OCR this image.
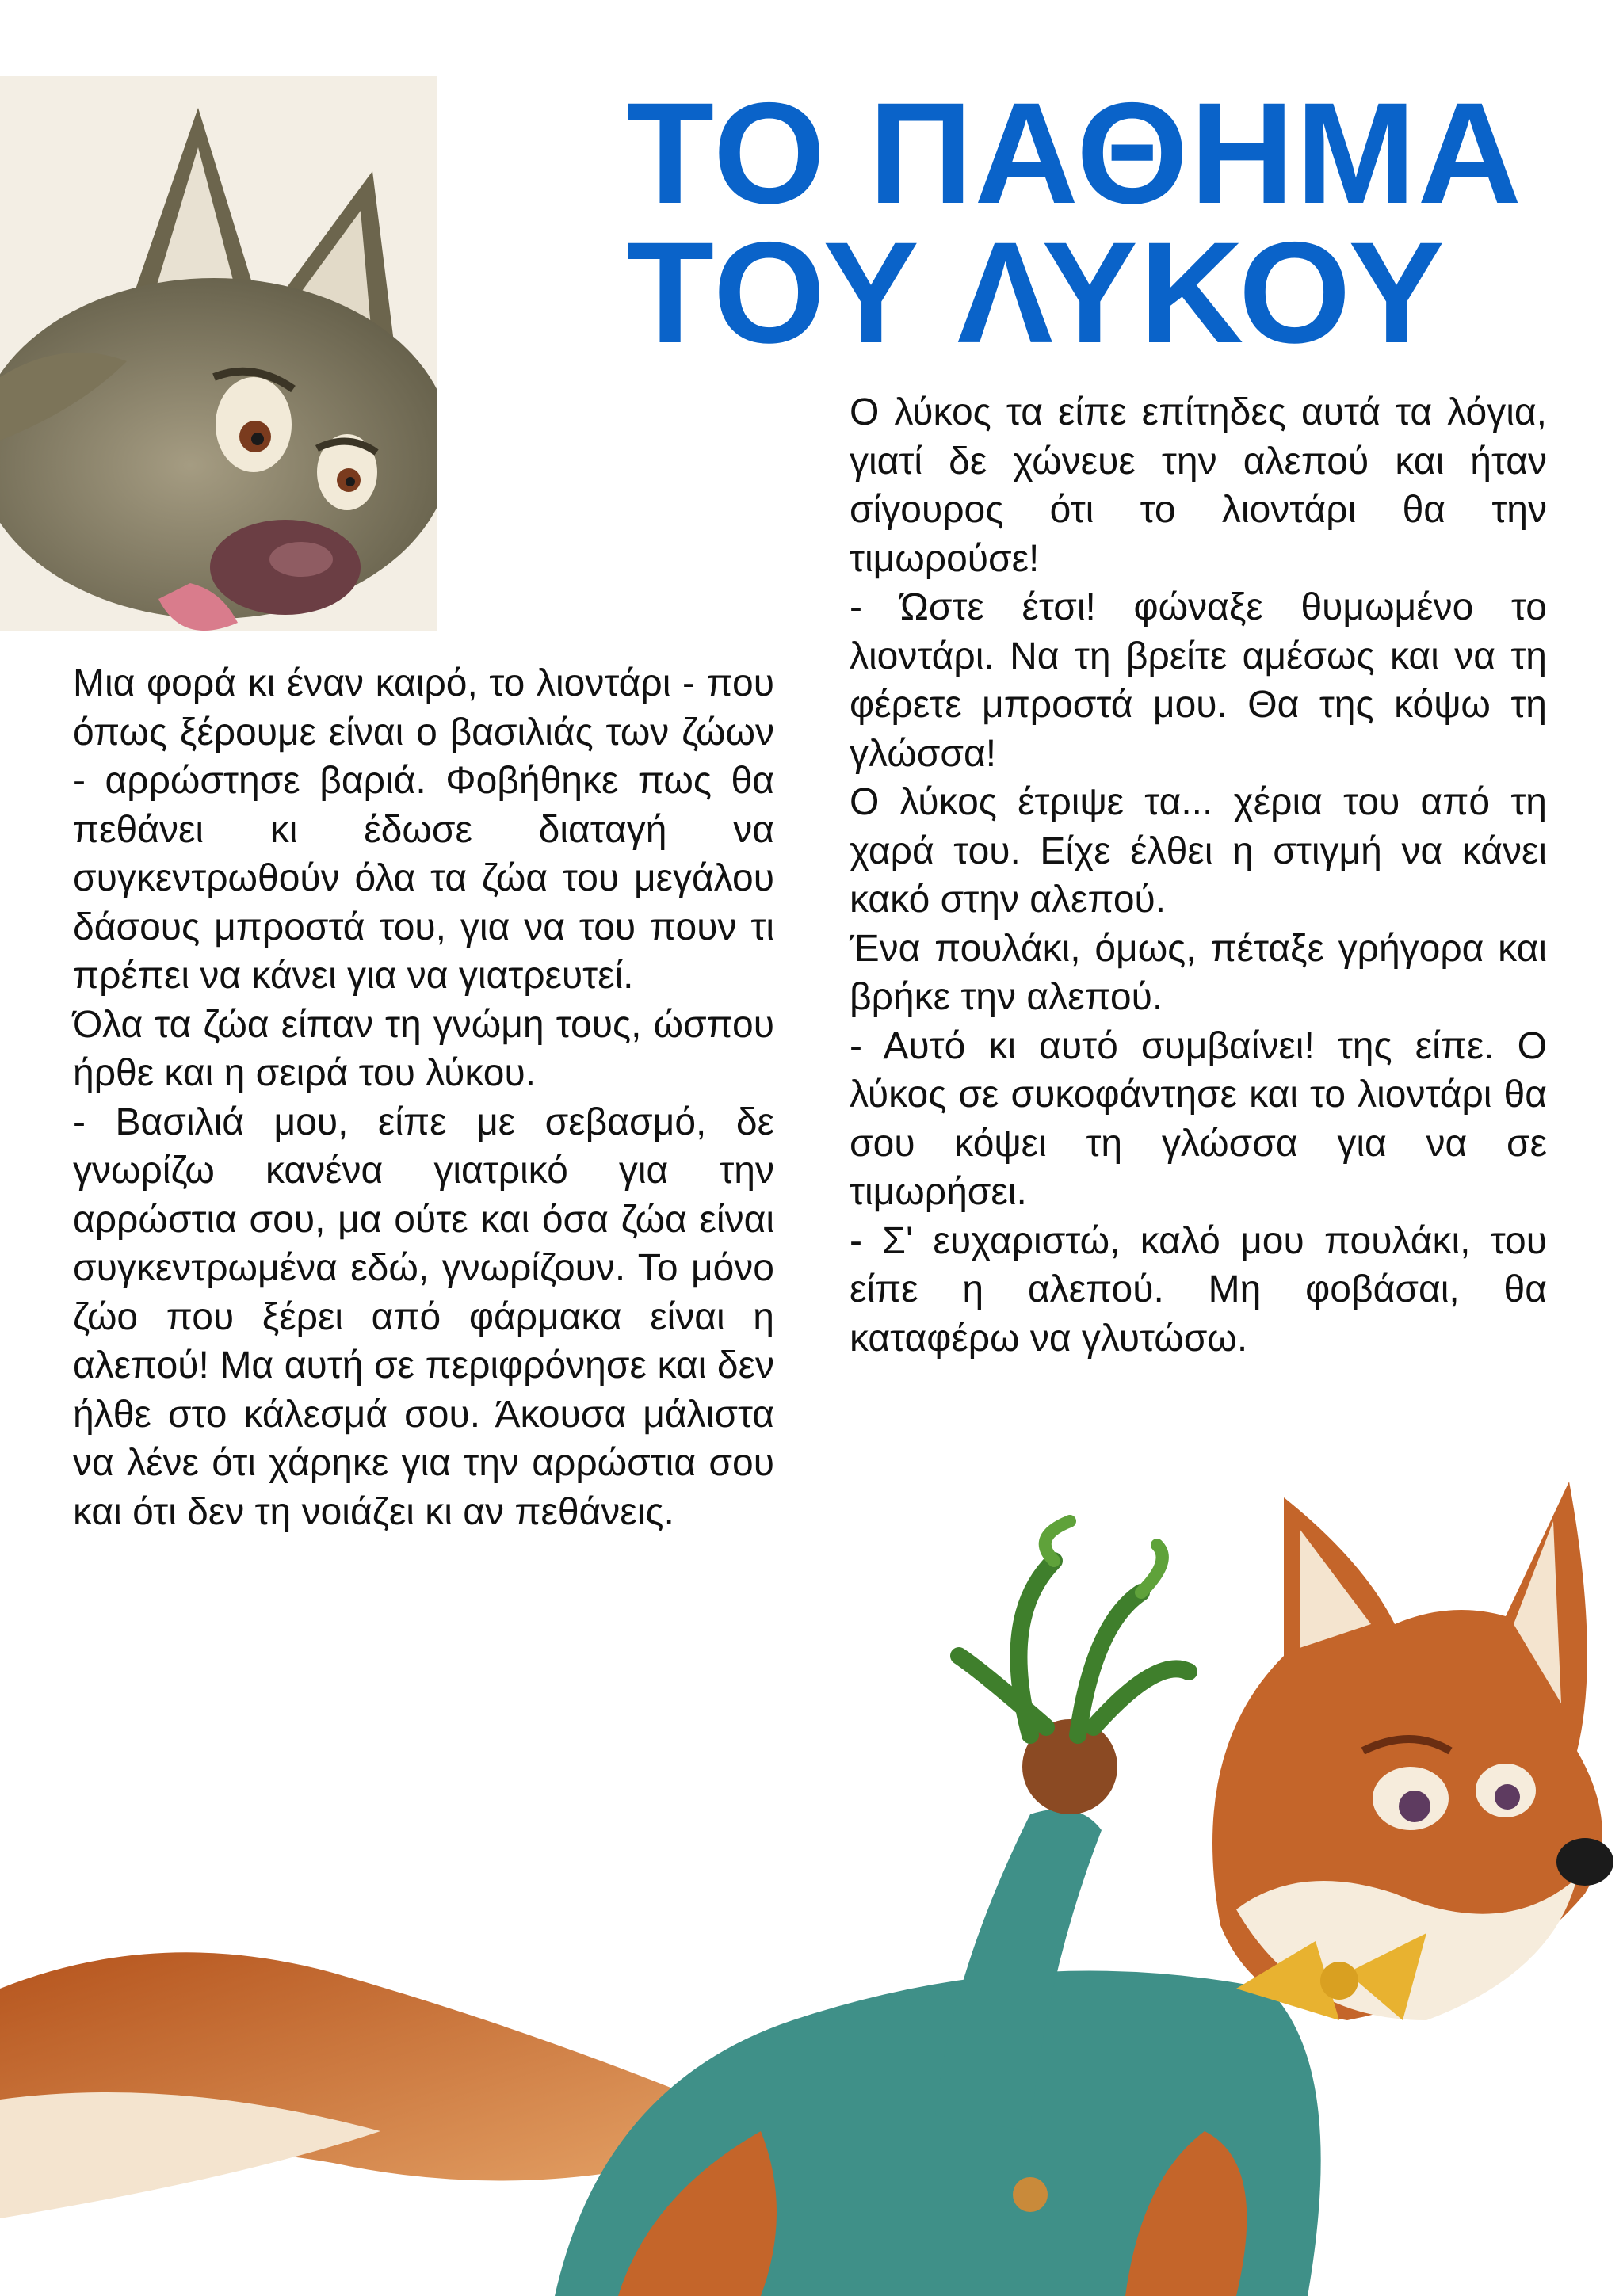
ΤΟ ΠΑΘΗΜΑ
ΤΟΥ ΛΥΚΟΥ

Μια φορά κι έναν καιρό, το λιοντάρι - που όπως ξέρουμε είναι ο βασιλιάς των ζώων - αρρώστησε βαριά. Φοβήθηκε πως θα πεθάνει κι έδωσε διαταγή να συγκεντρωθούν όλα τα ζώα του μεγάλου δάσους μπροστά του, για να του πουν τι πρέπει να κάνει για να γιατρευτεί.

Όλα τα ζώα είπαν τη γνώμη τους, ώσπου ήρθε και η σειρά του λύκου.

- Βασιλιά μου, είπε με σεβασμό, δε γνωρίζω κανένα γιατρικό για την αρρώστια σου, μα ούτε και όσα ζώα είναι συγκεντρωμένα εδώ, γνωρίζουν. Το μόνο ζώο που ξέρει από φάρμακα είναι η αλεπού! Μα αυτή σε περιφρόνησε και δεν ήλθε στο κάλεσμά σου. Άκουσα μάλιστα να λένε ότι χάρηκε για την αρρώστια σου και ότι δεν τη νοιάζει κι αν πεθάνεις.

Ο λύκος τα είπε επίτηδες αυτά τα λόγια, γιατί δε χώνευε την αλεπού και ήταν σίγουρος ότι το λιοντάρι θα την τιμωρούσε!

- Ώστε έτσι! φώναξε θυμωμένο το λιοντάρι. Να τη βρείτε αμέσως και να τη φέρετε μπροστά μου. Θα της κόψω τη γλώσσα!

Ο λύκος έτριψε τα... χέρια του από τη χαρά του. Είχε έλθει η στιγμή να κάνει κακό στην αλεπού.

Ένα πουλάκι, όμως, πέταξε γρήγορα και βρήκε την αλεπού.

- Αυτό κι αυτό συμβαίνει! της είπε. Ο λύκος σε συκοφάντησε και το λιοντάρι θα σου κόψει τη γλώσσα για να σε τιμωρήσει.

- Σ' ευχαριστώ, καλό μου πουλάκι, του είπε η αλεπού. Μη φοβάσαι, θα καταφέρω να γλυτώσω.
